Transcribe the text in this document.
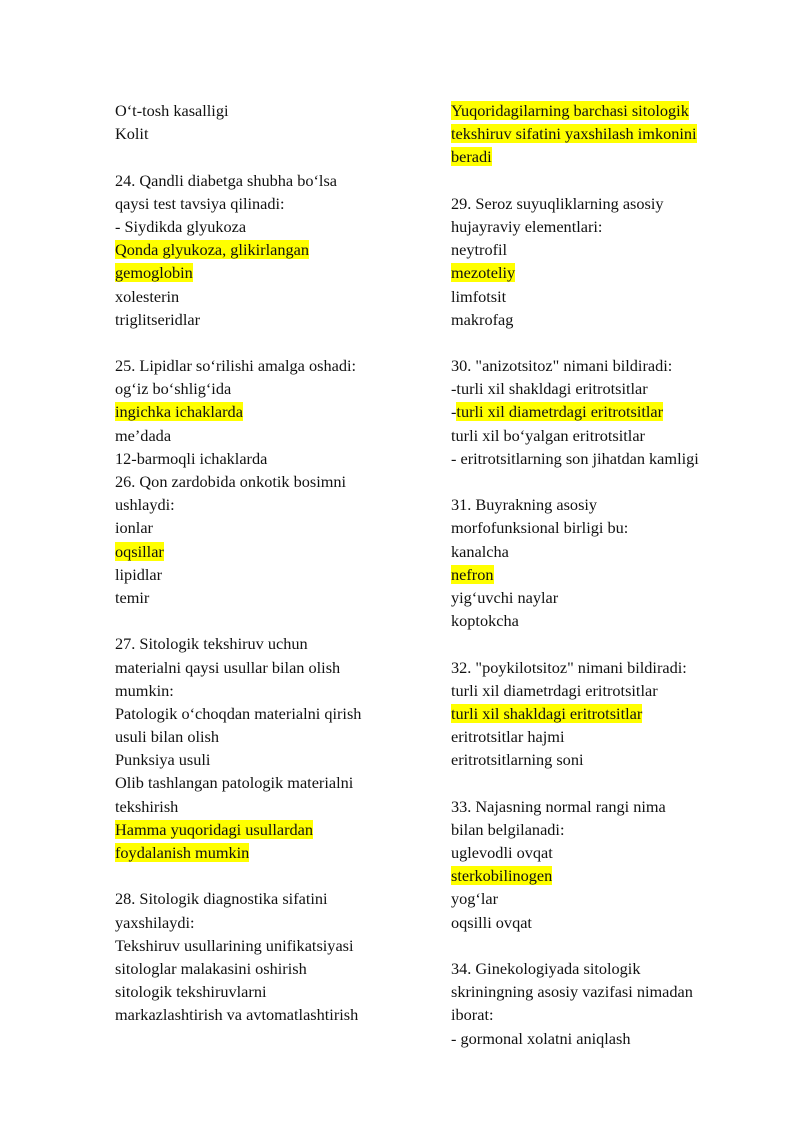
O‘t-tosh kasalligi
Kolit
24. Qandli diabetga shubha bo‘lsa
qaysi test tavsiya qilinadi:
- Siydikda glyukoza
Qonda glyukoza, glikirlangan
gemoglobin
xolesterin
triglitseridlar
25. Lipidlar so‘rilishi amalga oshadi:
og‘iz bo‘shlig‘ida
ingichka ichaklarda
me’dada
12-barmoqli ichaklarda
26. Qon zardobida onkotik bosimni
ushlaydi:
ionlar
oqsillar
lipidlar
temir
27. Sitologik tekshiruv uchun
materialni qaysi usullar bilan olish
mumkin:
Patologik o‘choqdan materialni qirish
usuli bilan olish
Punksiya usuli
Olib tashlangan patologik materialni
tekshirish
Hamma yuqoridagi usullardan
foydalanish mumkin
28. Sitologik diagnostika sifatini
yaxshilaydi:
Tekshiruv usullarining unifikatsiyasi
sitologlar malakasini oshirish
sitologik tekshiruvlarni
markazlashtirish va avtomatlashtirish
Yuqoridagilarning barchasi sitologik
tekshiruv sifatini yaxshilash imkonini
beradi
29. Seroz suyuqliklarning asosiy
hujayraviy elementlari:
neytrofil
mezoteliy
limfotsit
makrofag
30. "anizotsitoz" nimani bildiradi:
-turli xil shakldagi eritrotsitlar
-turli xil diametrdagi eritrotsitlar
turli xil bo‘yalgan eritrotsitlar
- eritrotsitlarning son jihatdan kamligi
31. Buyrakning asosiy
morfofunksional birligi bu:
kanalcha
nefron
yig‘uvchi naylar
koptokcha
32. "poykilotsitoz" nimani bildiradi:
turli xil diametrdagi eritrotsitlar
turli xil shakldagi eritrotsitlar
eritrotsitlar hajmi
eritrotsitlarning soni
33. Najasning normal rangi nima
bilan belgilanadi:
uglevodli ovqat
sterkobilinogen
yog‘lar
oqsilli ovqat
34. Ginekologiyada sitologik
skriningning asosiy vazifasi nimadan
iborat:
- gormonal xolatni aniqlash
